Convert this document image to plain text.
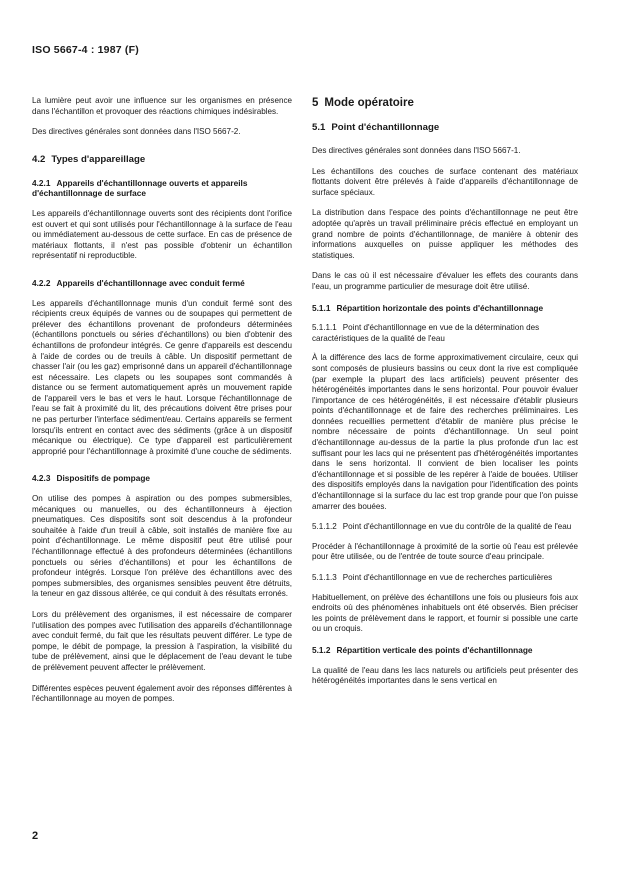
ISO 5667-4 : 1987 (F)

La lumière peut avoir une influence sur les organismes en présence dans l'échantillon et provoquer des réactions chimiques indésirables.

Des directives générales sont données dans l'ISO 5667-2.

4.2 Types d'appareillage
4.2.1 Appareils d'échantillonnage ouverts et appareils d'échantillonnage de surface

Les appareils d'échantillonnage ouverts sont des récipients dont l'orifice est ouvert et qui sont utilisés pour l'échantillonnage à la surface de l'eau ou immédiatement au-dessous de cette surface. En cas de présence de matériaux flottants, il n'est pas possible d'obtenir un échantillon représentatif ni reproductible.

4.2.2 Appareils d'échantillonnage avec conduit fermé

Les appareils d'échantillonnage munis d'un conduit fermé sont des récipients creux équipés de vannes ou de soupapes qui permettent de prélever des échantillons provenant de profondeurs déterminées (échantillons ponctuels ou séries d'échantillons) ou bien d'obtenir des échantillons de profondeur intégrés. Ce genre d'appareils est descendu à l'aide de cordes ou de treuils à câble. Un dispositif permettant de chasser l'air (ou les gaz) emprisonné dans un appareil d'échantillonnage est nécessaire. Les clapets ou les soupapes sont commandés à distance ou se ferment automatiquement après un mouvement rapide de l'appareil vers le bas et vers le haut. Lorsque l'échantillonnage de l'eau se fait à proximité du lit, des précautions doivent être prises pour ne pas perturber l'interface sédiment/eau. Certains appareils se ferment lorsqu'ils entrent en contact avec des sédiments (grâce à un dispositif mécanique ou électrique). Ce type d'appareil est particulièrement approprié pour l'échantillonnage à proximité d'une couche de sédiments.

4.2.3 Dispositifs de pompage

On utilise des pompes à aspiration ou des pompes submersibles, mécaniques ou manuelles, ou des échantillonneurs à éjection pneumatiques. Ces dispositifs sont soit descendus à la profondeur souhaitée à l'aide d'un treuil à câble, soit installés de manière fixe au point d'échantillonnage. Le même dispositif peut être utilisé pour l'échantillonnage effectué à des profondeurs déterminées (échantillons ponctuels ou séries d'échantillons) et pour les échantillons de profondeur intégrés. Lorsque l'on prélève des échantillons avec des pompes submersibles, des organismes sensibles peuvent être détruits, la teneur en gaz dissous altérée, ce qui conduit à des résultats erronés.

Lors du prélèvement des organismes, il est nécessaire de comparer l'utilisation des pompes avec l'utilisation des appareils d'échantillonnage avec conduit fermé, du fait que les résultats peuvent différer. Le type de pompe, le débit de pompage, la pression à l'aspiration, la visibilité du tube de prélèvement, ainsi que le déplacement de l'eau devant le tube de prélèvement peuvent affecter le prélèvement.

Différentes espèces peuvent également avoir des réponses différentes à l'échantillonnage au moyen de pompes.

5 Mode opératoire
5.1 Point d'échantillonnage

Des directives générales sont données dans l'ISO 5667-1.

Les échantillons des couches de surface contenant des matériaux flottants doivent être prélevés à l'aide d'appareils d'échantillonnage de surface spéciaux.

La distribution dans l'espace des points d'échantillonnage ne peut être adoptée qu'après un travail préliminaire précis effectué en employant un grand nombre de points d'échantillonnage, de manière à obtenir des informations auxquelles on puisse appliquer les méthodes des statistiques.

Dans le cas où il est nécessaire d'évaluer les effets des courants dans l'eau, un programme particulier de mesurage doit être utilisé.

5.1.1 Répartition horizontale des points d'échantillonnage
5.1.1.1 Point d'échantillonnage en vue de la détermination des caractéristiques de la qualité de l'eau

À la différence des lacs de forme approximativement circulaire, ceux qui sont composés de plusieurs bassins ou ceux dont la rive est compliquée (par exemple la plupart des lacs artificiels) peuvent présenter des hétérogénéités importantes dans le sens horizontal. Pour pouvoir évaluer l'importance de ces hétérogénéités, il est nécessaire d'établir plusieurs points d'échantillonnage et de faire des recherches préliminaires. Les données recueillies permettent d'établir de manière plus précise le nombre nécessaire de points d'échantillonnage. Un seul point d'échantillonnage au-dessus de la partie la plus profonde d'un lac est suffisant pour les lacs qui ne présentent pas d'hétérogénéités importantes dans le sens horizontal. Il convient de bien localiser les points d'échantillonnage et si possible de les repérer à l'aide de bouées. Utiliser des dispositifs employés dans la navigation pour l'identification des points d'échantillonnage si la surface du lac est trop grande pour que l'on puisse amarrer des bouées.

5.1.1.2 Point d'échantillonnage en vue du contrôle de la qualité de l'eau

Procéder à l'échantillonnage à proximité de la sortie où l'eau est prélevée pour être utilisée, ou de l'entrée de toute source d'eau principale.

5.1.1.3 Point d'échantillonnage en vue de recherches particulières

Habituellement, on prélève des échantillons une fois ou plusieurs fois aux endroits où des phénomènes inhabituels ont été observés. Bien préciser les points de prélèvement dans le rapport, et fournir si possible une carte ou un croquis.

5.1.2 Répartition verticale des points d'échantillonnage

La qualité de l'eau dans les lacs naturels ou artificiels peut présenter des hétérogénéités importantes dans le sens vertical en

2
